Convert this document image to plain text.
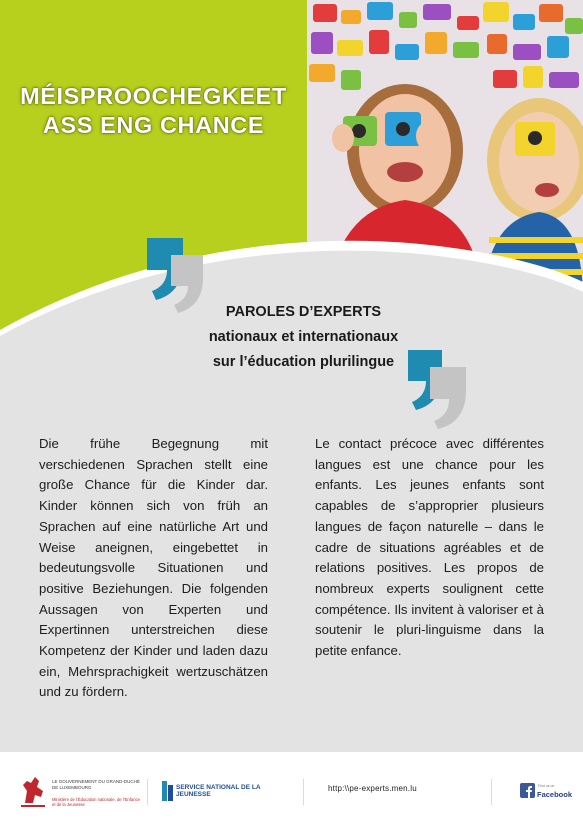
MÉISPROOCHEGKEET
ASS ENG CHANCE
PAROLES D’EXPERTS
nationaux et internationaux
sur l’éducation plurilingue
Die frühe Begegnung mit verschiedenen Sprachen stellt eine große Chance für die Kinder dar. Kinder können sich von früh an Sprachen auf eine natürliche Art und Weise aneignen, eingebettet in bedeutungsvolle Situationen und positive Beziehungen. Die folgenden Aussagen von Experten und Expertinnen unterstreichen diese Kompetenz der Kinder und laden dazu ein, Mehrsprachigkeit wertzuschätzen und zu fördern.
Le contact précoce avec différentes langues est une chance pour les enfants. Les jeunes enfants sont capables de s’approprier plusieurs langues de façon naturelle – dans le cadre de situations agréables et de relations positives. Les propos de nombreux experts soulignent cette compétence. Ils invitent à valoriser et à soutenir le pluri-linguisme dans la petite enfance.
LE GOUVERNEMENT DU GRAND-DUCHÉ DE LUXEMBOURG
Ministère de l’Éducation nationale, de l’Enfance et de la Jeunesse
SERVICE NATIONAL DE LA JEUNESSE
http:\\pe-experts.men.lu	Find us on
Facebook
